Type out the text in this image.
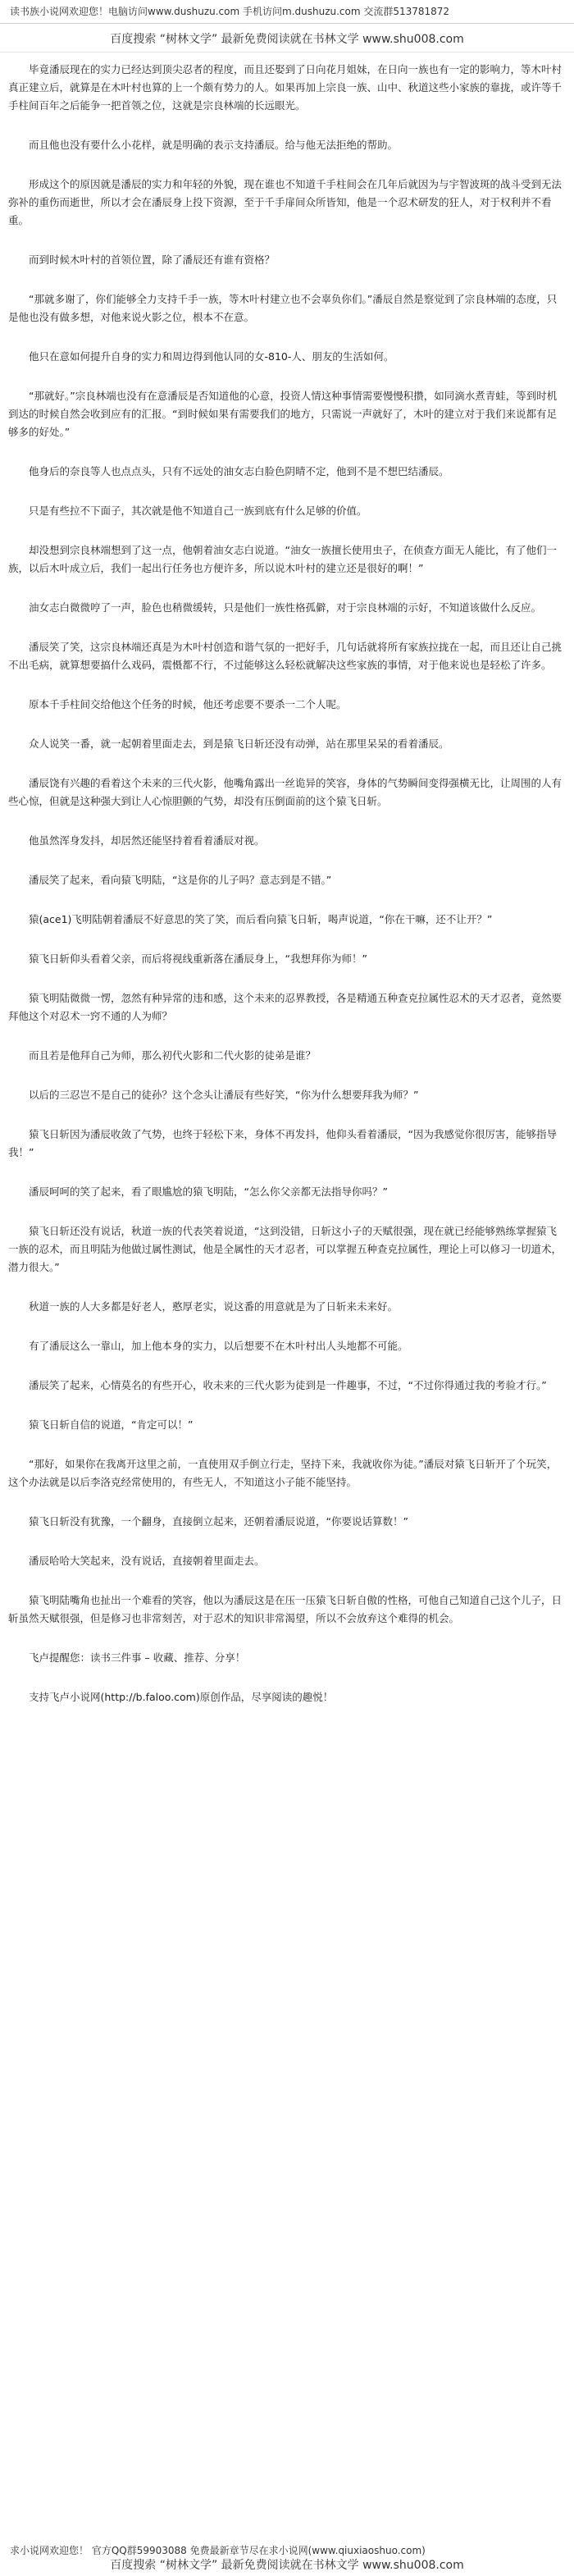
读书族小说网欢迎您！电脑访问www.dushuzu.com 手机访问m.dushuzu.com 交流群513781872
百度搜索 “树林文学” 最新免费阅读就在书林文学 www.shu008.com

毕竟潘辰现在的实力已经达到顶尖忍者的程度，而且还娶到了日向花月姐妹，在日向一族也有一定的影响力，等木叶村真正建立后，就算是在木叶村也算的上一个颇有势力的人。如果再加上宗良一族、山中、秋道这些小家族的靠拢，或许等千手柱间百年之后能争一把首领之位，这就是宗良林端的长远眼光。

而且他也没有要什么小花样，就是明确的表示支持潘辰。给与他无法拒绝的帮助。

形成这个的原因就是潘辰的实力和年轻的外貌，现在谁也不知道千手柱间会在几年后就因为与宇智波斑的战斗受到无法弥补的重伤而逝世，所以才会在潘辰身上投下资源，至于千手扉间众所皆知，他是一个忍术研发的狂人，对于权利并不看重。

而到时候木叶村的首领位置，除了潘辰还有谁有资格？

“那就多谢了，你们能够全力支持千手一族，等木叶村建立也不会辜负你们。”潘辰自然是察觉到了宗良林端的态度，只是他也没有做多想，对他来说火影之位，根本不在意。

他只在意如何提升自身的实力和周边得到他认同的女-810-人、朋友的生活如何。

“那就好。”宗良林端也没有在意潘辰是否知道他的心意，投资人情这种事情需要慢慢积攒，如同滴水煮青蛙，等到时机到达的时候自然会收到应有的汇报。“到时候如果有需要我们的地方，只需说一声就好了，木叶的建立对于我们来说都有足够多的好处。”

他身后的奈良等人也点点头，只有不远处的油女志白脸色阴晴不定，他到不是不想巴结潘辰。

只是有些拉不下面子，其次就是他不知道自己一族到底有什么足够的价值。

却没想到宗良林端想到了这一点，他朝着油女志白说道。“油女一族擅长使用虫子，在侦查方面无人能比，有了他们一族，以后木叶成立后，我们一起出行任务也方便许多，所以说木叶村的建立还是很好的啊！”

油女志白微微哼了一声，脸色也稍微缓转，只是他们一族性格孤僻，对于宗良林端的示好，不知道该做什么反应。

潘辰笑了笑，这宗良林端还真是为木叶村创造和谐气氛的一把好手，几句话就将所有家族拉拢在一起，而且还让自己挑不出毛病，就算想要搞什么戏码，震慑都不行，不过能够这么轻松就解决这些家族的事情，对于他来说也是轻松了许多。

原本千手柱间交给他这个任务的时候，他还考虑要不要杀一二个人呢。

众人说笑一番，就一起朝着里面走去，到是猿飞日斩还没有动弹，站在那里呆呆的看着潘辰。

潘辰饶有兴趣的看着这个未来的三代火影，他嘴角露出一丝诡异的笑容，身体的气势瞬间变得强横无比，让周围的人有些心惊，但就是这种强大到让人心惊胆颤的气势，却没有压倒面前的这个猿飞日斩。

他虽然浑身发抖，却居然还能坚持着看着潘辰对视。

潘辰笑了起来，看向猿飞明陆，“这是你的儿子吗？意志到是不错。”

猿(ace1)飞明陆朝着潘辰不好意思的笑了笑，而后看向猿飞日斩，喝声说道，“你在干嘛，还不让开？”

猿飞日斩仰头看着父亲，而后将视线重新落在潘辰身上，“我想拜你为师！”

猿飞明陆微微一愣，忽然有种异常的违和感，这个未来的忍界教授，各是精通五种查克拉属性忍术的天才忍者，竟然要拜他这个对忍术一窍不通的人为师？

而且若是他拜自己为师，那么初代火影和二代火影的徒弟是谁？

以后的三忍岂不是自己的徒孙？这个念头让潘辰有些好笑，“你为什么想要拜我为师？”

猿飞日斩因为潘辰收敛了气势，也终于轻松下来，身体不再发抖，他仰头看着潘辰，“因为我感觉你很厉害，能够指导我！”

潘辰呵呵的笑了起来，看了眼尴尬的猿飞明陆，“怎么你父亲都无法指导你吗？”

猿飞日斩还没有说话，秋道一族的代表笑着说道，“这到没错，日斩这小子的天赋很强，现在就已经能够熟练掌握猿飞一族的忍术，而且明陆为他做过属性测试，他是全属性的天才忍者，可以掌握五种查克拉属性，理论上可以修习一切道术，潜力很大。”

秋道一族的人大多都是好老人，憨厚老实，说这番的用意就是为了日斩来未来好。

有了潘辰这么一靠山，加上他本身的实力，以后想要不在木叶村出人头地都不可能。

潘辰笑了起来，心情莫名的有些开心，收未来的三代火影为徒到是一件趣事，不过，“不过你得通过我的考验才行。”

猿飞日斩自信的说道，“肯定可以！”

“那好，如果你在我离开这里之前，一直使用双手倒立行走，坚持下来，我就收你为徒。”潘辰对猿飞日斩开了个玩笑，这个办法就是以后李洛克经常使用的，有些无人，不知道这小子能不能坚持。

猿飞日斩没有犹豫，一个翻身，直接倒立起来，还朝着潘辰说道，“你要说话算数！”

潘辰哈哈大笑起来，没有说话，直接朝着里面走去。

猿飞明陆嘴角也扯出一个难看的笑容，他以为潘辰这是在压一压猿飞日斩自傲的性格，可他自己知道自己这个儿子，日斩虽然天赋很强，但是修习也非常刻苦，对于忍术的知识非常渴望，所以不会放弃这个难得的机会。

飞卢提醒您：读书三件事 – 收藏、推荐、分享！

支持飞卢小说网(http://b.faloo.com)原创作品，尽享阅读的趣悦！

求小说网欢迎您！ 官方QQ群59903088 免费最新章节尽在求小说网(www.qiuxiaoshuo.com)
百度搜索 “树林文学” 最新免费阅读就在书林文学 www.shu008.com
